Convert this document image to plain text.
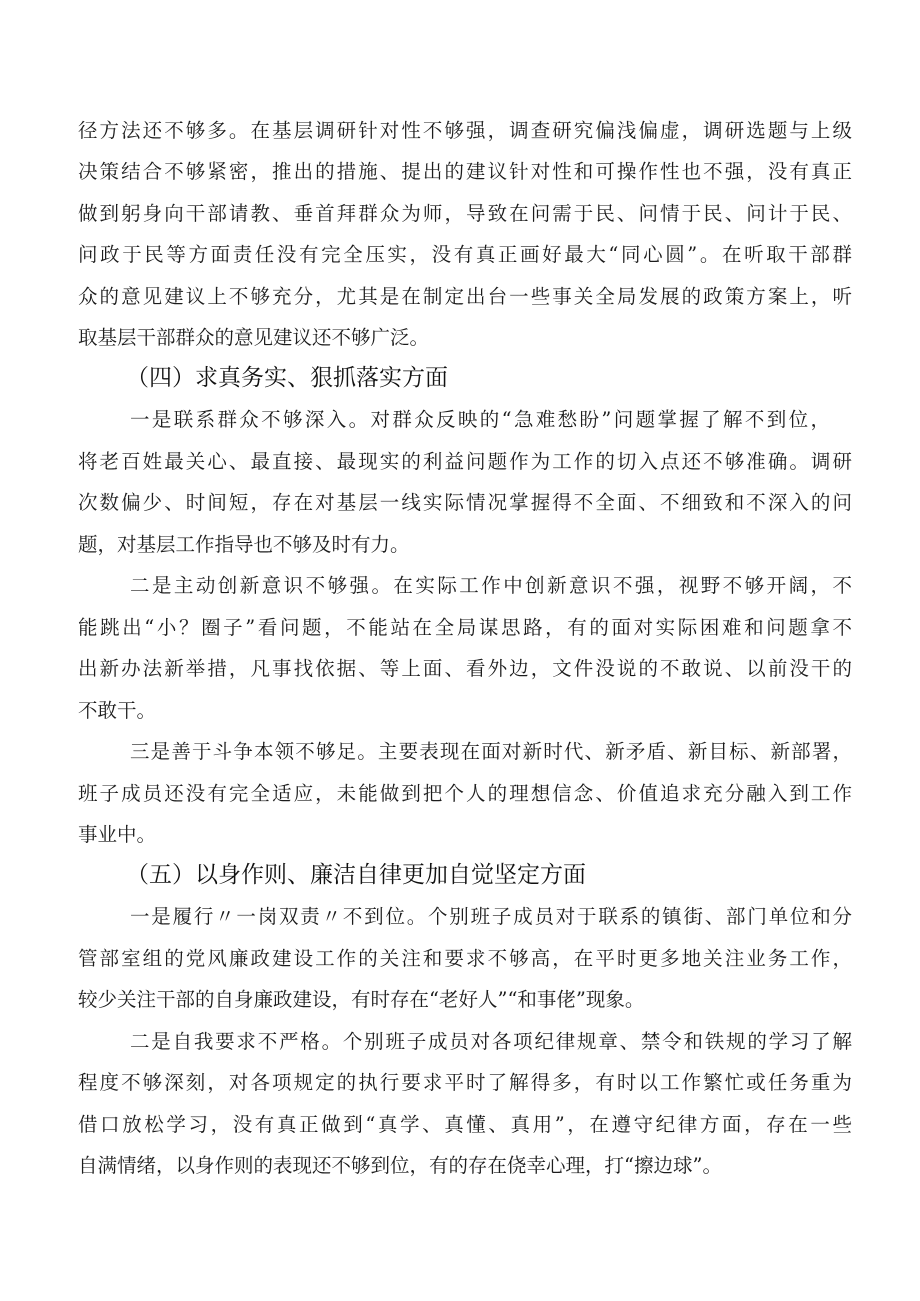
径方法还不够多。在基层调研针对性不够强，调查研究偏浅偏虚，调研选题与上级
决策结合不够紧密，推出的措施、提出的建议针对性和可操作性也不强，没有真正
做到躬身向干部请教、垂首拜群众为师，导致在问需于民、问情于民、问计于民、
问政于民等方面责任没有完全压实，没有真正画好最大“同心圆”。在听取干部群
众的意见建议上不够充分，尤其是在制定出台一些事关全局发展的政策方案上，听
取基层干部群众的意见建议还不够广泛。
（四）求真务实、狠抓落实方面
一是联系群众不够深入。对群众反映的“急难愁盼”问题掌握了解不到位，
将老百姓最关心、最直接、最现实的利益问题作为工作的切入点还不够准确。调研
次数偏少、时间短，存在对基层一线实际情况掌握得不全面、不细致和不深入的问
题，对基层工作指导也不够及时有力。
二是主动创新意识不够强。在实际工作中创新意识不强，视野不够开阔，不
能跳出“小？圈子”看问题，不能站在全局谋思路，有的面对实际困难和问题拿不
出新办法新举措，凡事找依据、等上面、看外边，文件没说的不敢说、以前没干的
不敢干。
三是善于斗争本领不够足。主要表现在面对新时代、新矛盾、新目标、新部署，
班子成员还没有完全适应，未能做到把个人的理想信念、价值追求充分融入到工作
事业中。
（五）以身作则、廉洁自律更加自觉坚定方面
一是履行〃一岗双责〃不到位。个别班子成员对于联系的镇街、部门单位和分
管部室组的党风廉政建设工作的关注和要求不够高，在平时更多地关注业务工作，
较少关注干部的自身廉政建设，有时存在“老好人”“和事佬”现象。
二是自我要求不严格。个别班子成员对各项纪律规章、禁令和铁规的学习了解
程度不够深刻，对各项规定的执行要求平时了解得多，有时以工作繁忙或任务重为
借口放松学习，没有真正做到“真学、真懂、真用”，在遵守纪律方面，存在一些
自满情绪，以身作则的表现还不够到位，有的存在侥幸心理，打“擦边球”。
